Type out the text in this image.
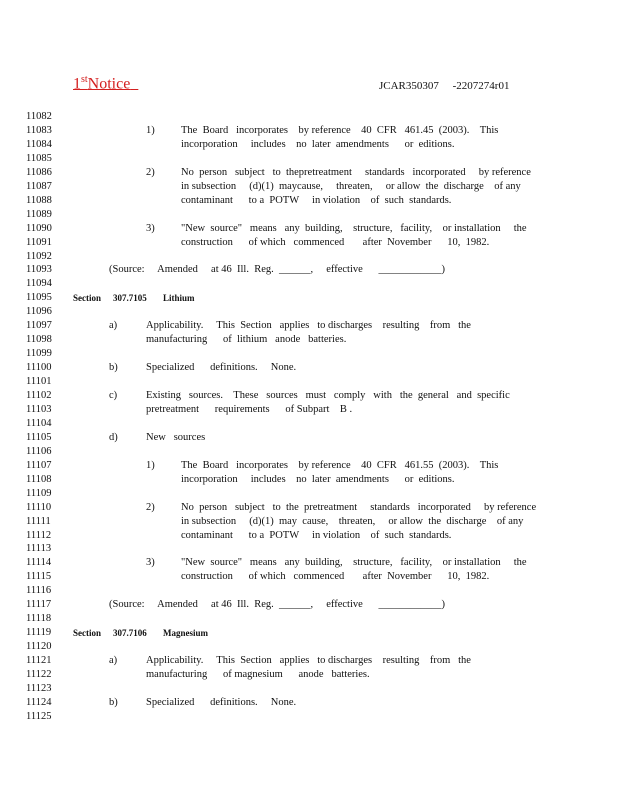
1stNotice	JCAR350307     -2207274r01
11082
11083	1)	The  Board   incorporates    by reference    40  CFR   461.45  (2003).    This
11084	incorporation     includes    no  later  amendments      or  editions.
11085
11086	2)	No  person   subject   to  thepretreatment     standards   incorporated     by reference
11087	in subsection     (d)(1)  maycause,     threaten,     or allow  the  discharge    of any
11088	contaminant      to a  POTW     in violation    of  such  standards.
11089
11090	3)	"New  source"   means   any  building,    structure,   facility,    or installation     the
11091	construction      of which   commenced       after  November      10,  1982.
11092
11093	(Source:     Amended     at 46  Ill.  Reg.  ______,     effective      ____________)
11094
11095 Section 307.7105 Lithium
11096
11097	a)	Applicability.     This  Section   applies   to discharges    resulting    from   the
11098	manufacturing      of  lithium   anode   batteries.
11099
11100	b)	Specialized      definitions.     None.
11101
11102	c)	Existing   sources.    These   sources   must   comply   with   the  general   and  specific
11103	pretreatment      requirements      of Subpart    B .
11104
11105	d)	New   sources
11106
11107	1)	The  Board   incorporates    by reference    40  CFR   461.55  (2003).    This
11108	incorporation     includes    no  later  amendments      or  editions.
11109
11110	2)	No  person   subject   to  the  pretreatment     standards   incorporated     by reference
11111	in subsection     (d)(1)  may  cause,    threaten,     or allow  the  discharge    of any
11112	contaminant      to a  POTW     in violation    of  such  standards.
11113
11114	3)	"New  source"   means   any  building,    structure,   facility,    or installation     the
11115	construction      of which   commenced       after  November      10,  1982.
11116
11117	(Source:     Amended     at 46  Ill.  Reg.  ______,     effective      ____________)
11118
11119 Section 307.7106 Magnesium
11120
11121	a)	Applicability.     This  Section   applies   to discharges    resulting    from   the
11122	manufacturing      of magnesium      anode   batteries.
11123
11124	b)	Specialized      definitions.     None.
11125
